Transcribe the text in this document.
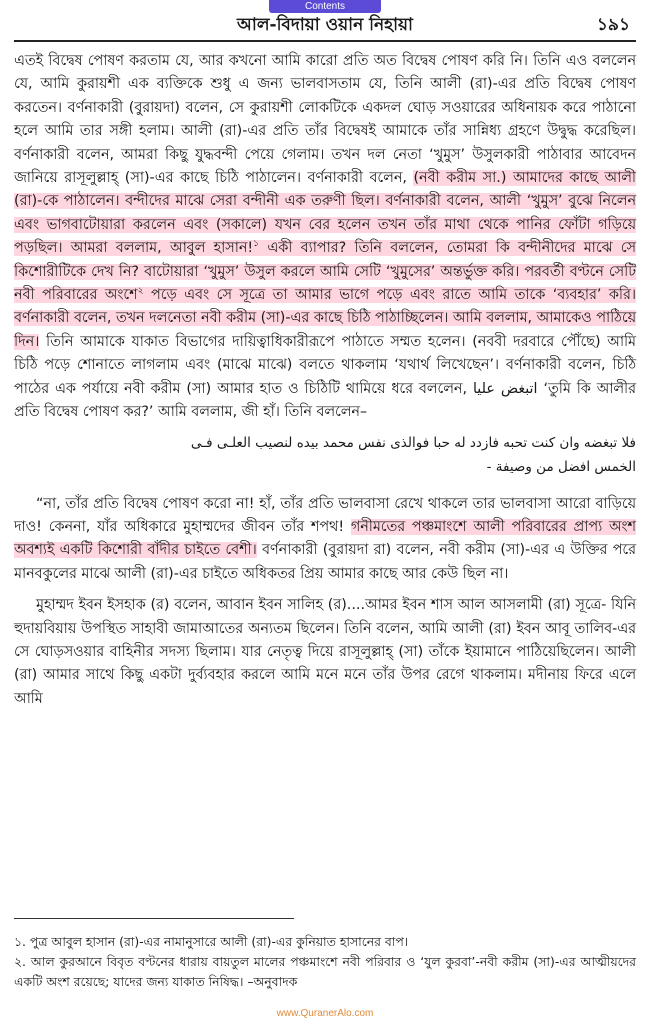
Contents
আল-বিদায়া ওয়ান নিহায়া	১৯১

এতই বিদ্বেষ পোষণ করতাম যে, আর কখনো আমি কারো প্রতি অত বিদ্বেষ পোষণ করি নি। তিনি এও বললেন যে, আমি কুরায়শী এক ব্যক্তিকে শুধু এ জন্য ভালবাসতাম যে, তিনি আলী (রা)-এর প্রতি বিদ্বেষ পোষণ করতেন। বর্ণনাকারী (বুরায়দা) বলেন, সে কুরায়শী লোকটিকে একদল ঘোড় সওয়ারের অধিনায়ক করে পাঠানো হলে আমি তার সঙ্গী হলাম। আলী (রা)-এর প্রতি তাঁর বিদ্বেষই আমাকে তাঁর সান্নিধ্য গ্রহণে উদ্বুদ্ধ করেছিল। বর্ণনাকারী বলেন, আমরা কিছু যুদ্ধবন্দী পেয়ে গেলাম। তখন দল নেতা ‘খুমুস’ উসুলকারী পাঠাবার আবেদন জানিয়ে রাসূলুল্লাহ্ (সা)-এর কাছে চিঠি পাঠালেন। বর্ণনাকারী বলেন, (নবী করীম সা.) আমাদের কাছে আলী (রা)-কে পাঠালেন। বন্দীদের মাঝে সেরা বন্দীনী এক তরুণী ছিল। বর্ণনাকারী বলেন, আলী ‘খুমুস’ বুঝে নিলেন এবং ভাগবাটোয়ারা করলেন এবং (সকালে) যখন বের হলেন তখন তাঁর মাথা থেকে পানির ফোঁটা গড়িয়ে পড়ছিল। আমরা বললাম, আবুল হাসান!$^১$ একী ব্যাপার? তিনি বললেন, তোমরা কি বন্দীনীদের মাঝে সে কিশোরীটিকে দেখ নি? বাটোয়ারা ‘খুমুস’ উসুল করলে আমি সেটি ‘খুমুসের’ অন্তর্ভুক্ত করি। পরবর্তী বণ্টনে সেটি নবী পরিবারের অংশে$^২$ পড়ে এবং সে সূত্রে তা আমার ভাগে পড়ে এবং রাতে আমি তাকে ‘ব্যবহার’ করি। বর্ণনাকারী বলেন, তখন দলনেতা নবী করীম (সা)-এর কাছে চিঠি পাঠাচ্ছিলেন। আমি বললাম, আমাকেও পাঠিয়ে দিন। তিনি আমাকে যাকাত বিভাগের দায়িত্বাধিকারীরূপে পাঠাতে সম্মত হলেন। (নববী দরবারে পৌঁছে) আমি চিঠি পড়ে শোনাতে লাগলাম এবং (মাঝে মাঝে) বলতে থাকলাম ‘যথার্থ লিখেছেন’। বর্ণনাকারী বলেন, চিঠি পাঠের এক পর্যায়ে নবী করীম (সা) আমার হাত ও চিঠিটি থামিয়ে ধরে বললেন, اتبغض عليا ‘তুমি কি আলীর প্রতি বিদ্বেষ পোষণ কর?’ আমি বললাম, জী হাঁ। তিনি বললেন–

فلا تبغضه وان كنت تحبه فازدد له حبا فوالذى نفس محمد بيده لنصيب العلـى فـى

الخمس افضل من وصيفة -

“না, তাঁর প্রতি বিদ্বেষ পোষণ করো না! হাঁ, তাঁর প্রতি ভালবাসা রেখে থাকলে তার ভালবাসা আরো বাড়িয়ে দাও! কেননা, যাঁর অধিকারে মুহাম্মদের জীবন তাঁর শপথ! গনীমতের পঞ্চমাংশে আলী পরিবারের প্রাপ্য অংশ অবশ্যই একটি কিশোরী বাঁদীর চাইতে বেশী। বর্ণনাকারী (বুরায়দা রা) বলেন, নবী করীম (সা)-এর এ উক্তির পরে মানবকুলের মাঝে আলী (রা)-এর চাইতে অধিকতর প্রিয় আমার কাছে আর কেউ ছিল না।

মুহাম্মদ ইবন ইসহাক (র) বলেন, আবান ইবন সালিহ (র)....আমর ইবন শাস আল আসলামী (রা) সূত্রে- যিনি হুদায়বিয়ায় উপস্থিত সাহাবী জামাআতের অন্যতম ছিলেন। তিনি বলেন, আমি আলী (রা) ইবন আবূ তালিব-এর সে ঘোড়সওয়ার বাহিনীর সদস্য ছিলাম। যার নেতৃত্ব দিয়ে রাসূলুল্লাহ্ (সা) তাঁকে ইয়ামানে পাঠিয়েছিলেন। আলী (রা) আমার সাথে কিছু একটা দুর্ব্যবহার করলে আমি মনে মনে তাঁর উপর রেগে থাকলাম। মদীনায় ফিরে এলে আমি

১. পুত্র আবুল হাসান (রা)-এর নামানুসারে আলী (রা)-এর কুনিয়াত হাসানের বাপ।

২. আল কুরআনে বিবৃত বণ্টনের ধারায় বায়তুল মালের পঞ্চমাংশে নবী পরিবার ও ‘যুল কুরবা’-নবী করীম (সা)-এর আত্মীয়দের একটি অংশ রয়েছে; যাদের জন্য যাকাত নিষিদ্ধ। –অনুবাদক

www.QuranerAlo.com
